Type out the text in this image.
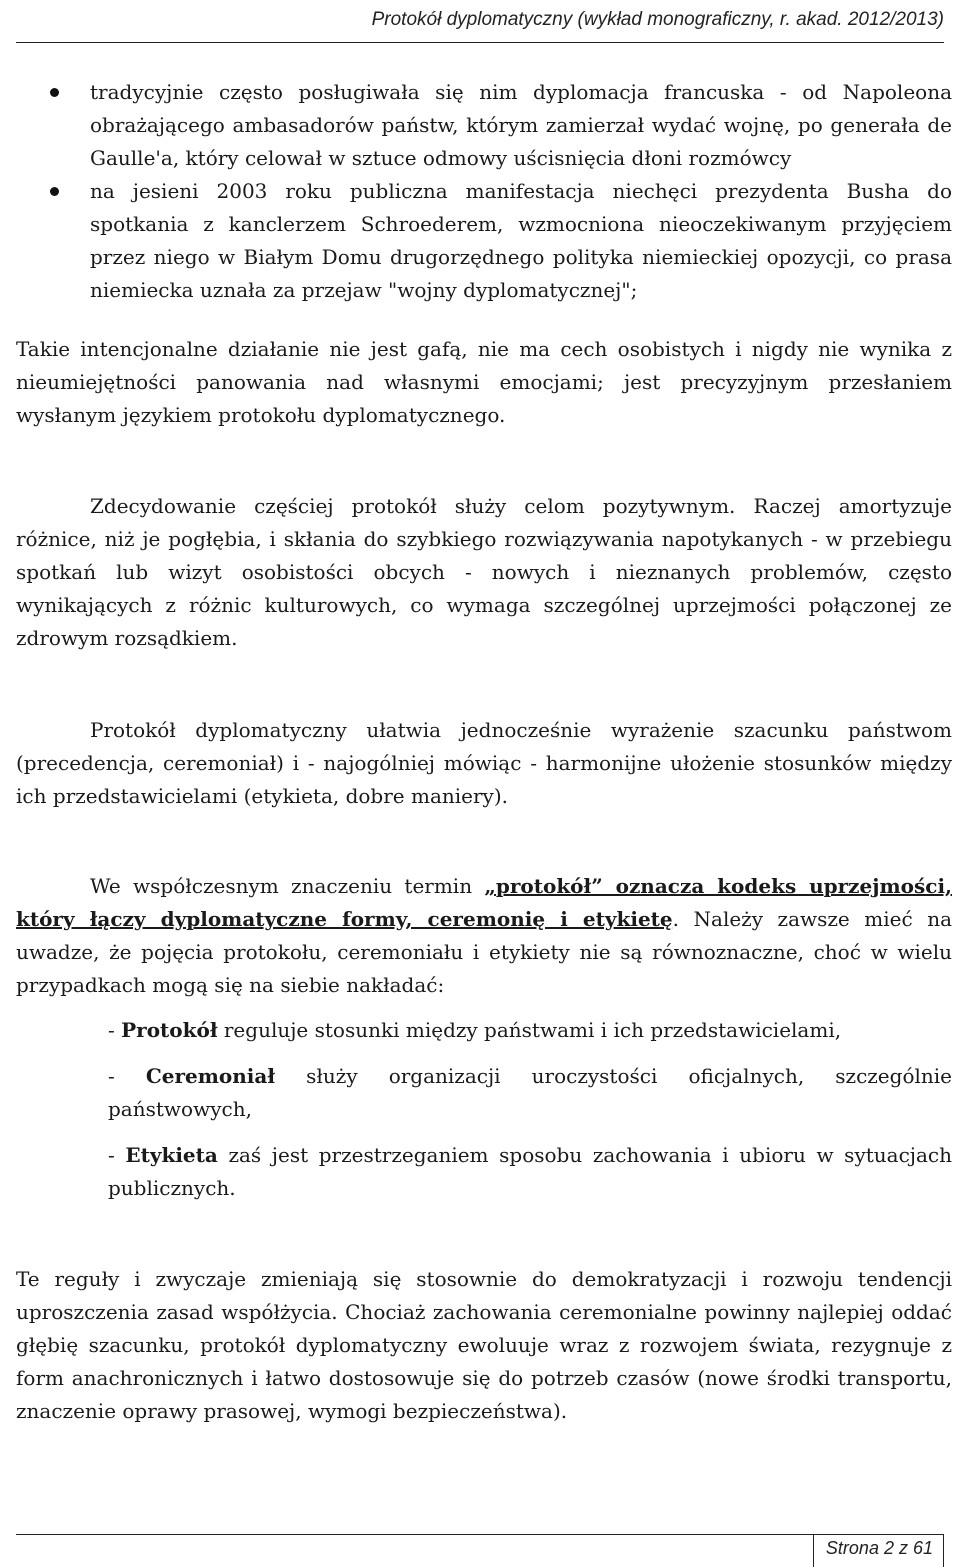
Protokół dyplomatyczny (wykład monograficzny, r. akad. 2012/2013)
tradycyjnie często posługiwała się nim dyplomacja francuska - od Napoleona obrażającego ambasadorów państw, którym zamierzał wydać wojnę, po generała de Gaulle'a, który celował w sztuce odmowy uścisnięcia dłoni rozmówcy
na jesieni 2003 roku publiczna manifestacja niechęci prezydenta Busha do spotkania z kanclerzem Schroederem, wzmocniona nieoczekiwanym przyjęciem przez niego w Białym Domu drugorzędnego polityka niemieckiej opozycji, co prasa niemiecka uznała za przejaw "wojny dyplomatycznej";

Takie intencjonalne działanie nie jest gafą, nie ma cech osobistych i nigdy nie wynika z nieumiejętności panowania nad własnymi emocjami; jest precyzyjnym przesłaniem wysłanym językiem protokołu dyplomatycznego.

Zdecydowanie częściej protokół służy celom pozytywnym. Raczej amortyzuje różnice, niż je pogłębia, i skłania do szybkiego rozwiązywania napotykanych - w przebiegu spotkań lub wizyt osobistości obcych - nowych i nieznanych problemów, często wynikających z różnic kulturowych, co wymaga szczególnej uprzejmości połączonej ze zdrowym rozsądkiem.

Protokół dyplomatyczny ułatwia jednocześnie wyrażenie szacunku państwom (precedencja, ceremoniał) i - najogólniej mówiąc - harmonijne ułożenie stosunków między ich przedstawicielami (etykieta, dobre maniery).

We współczesnym znaczeniu termin „protokół” oznacza kodeks uprzejmości, który łączy dyplomatyczne formy, ceremonię i etykietę. Należy zawsze mieć na uwadze, że pojęcia protokołu, ceremoniału i etykiety nie są równoznaczne, choć w wielu przypadkach mogą się na siebie nakładać:

- Protokół reguluje stosunki między państwami i ich przedstawicielami,

- Ceremoniał służy organizacji uroczystości oficjalnych, szczególnie państwowych,

- Etykieta zaś jest przestrzeganiem sposobu zachowania i ubioru w sytuacjach publicznych.

Te reguły i zwyczaje zmieniają się stosownie do demokratyzacji i rozwoju tendencji uproszczenia zasad współżycia. Chociaż zachowania ceremonialne powinny najlepiej oddać głębię szacunku, protokół dyplomatyczny ewoluuje wraz z rozwojem świata, rezygnuje z form anachronicznych i łatwo dostosowuje się do potrzeb czasów (nowe środki transportu, znaczenie oprawy prasowej, wymogi bezpieczeństwa).

Strona 2 z 61
